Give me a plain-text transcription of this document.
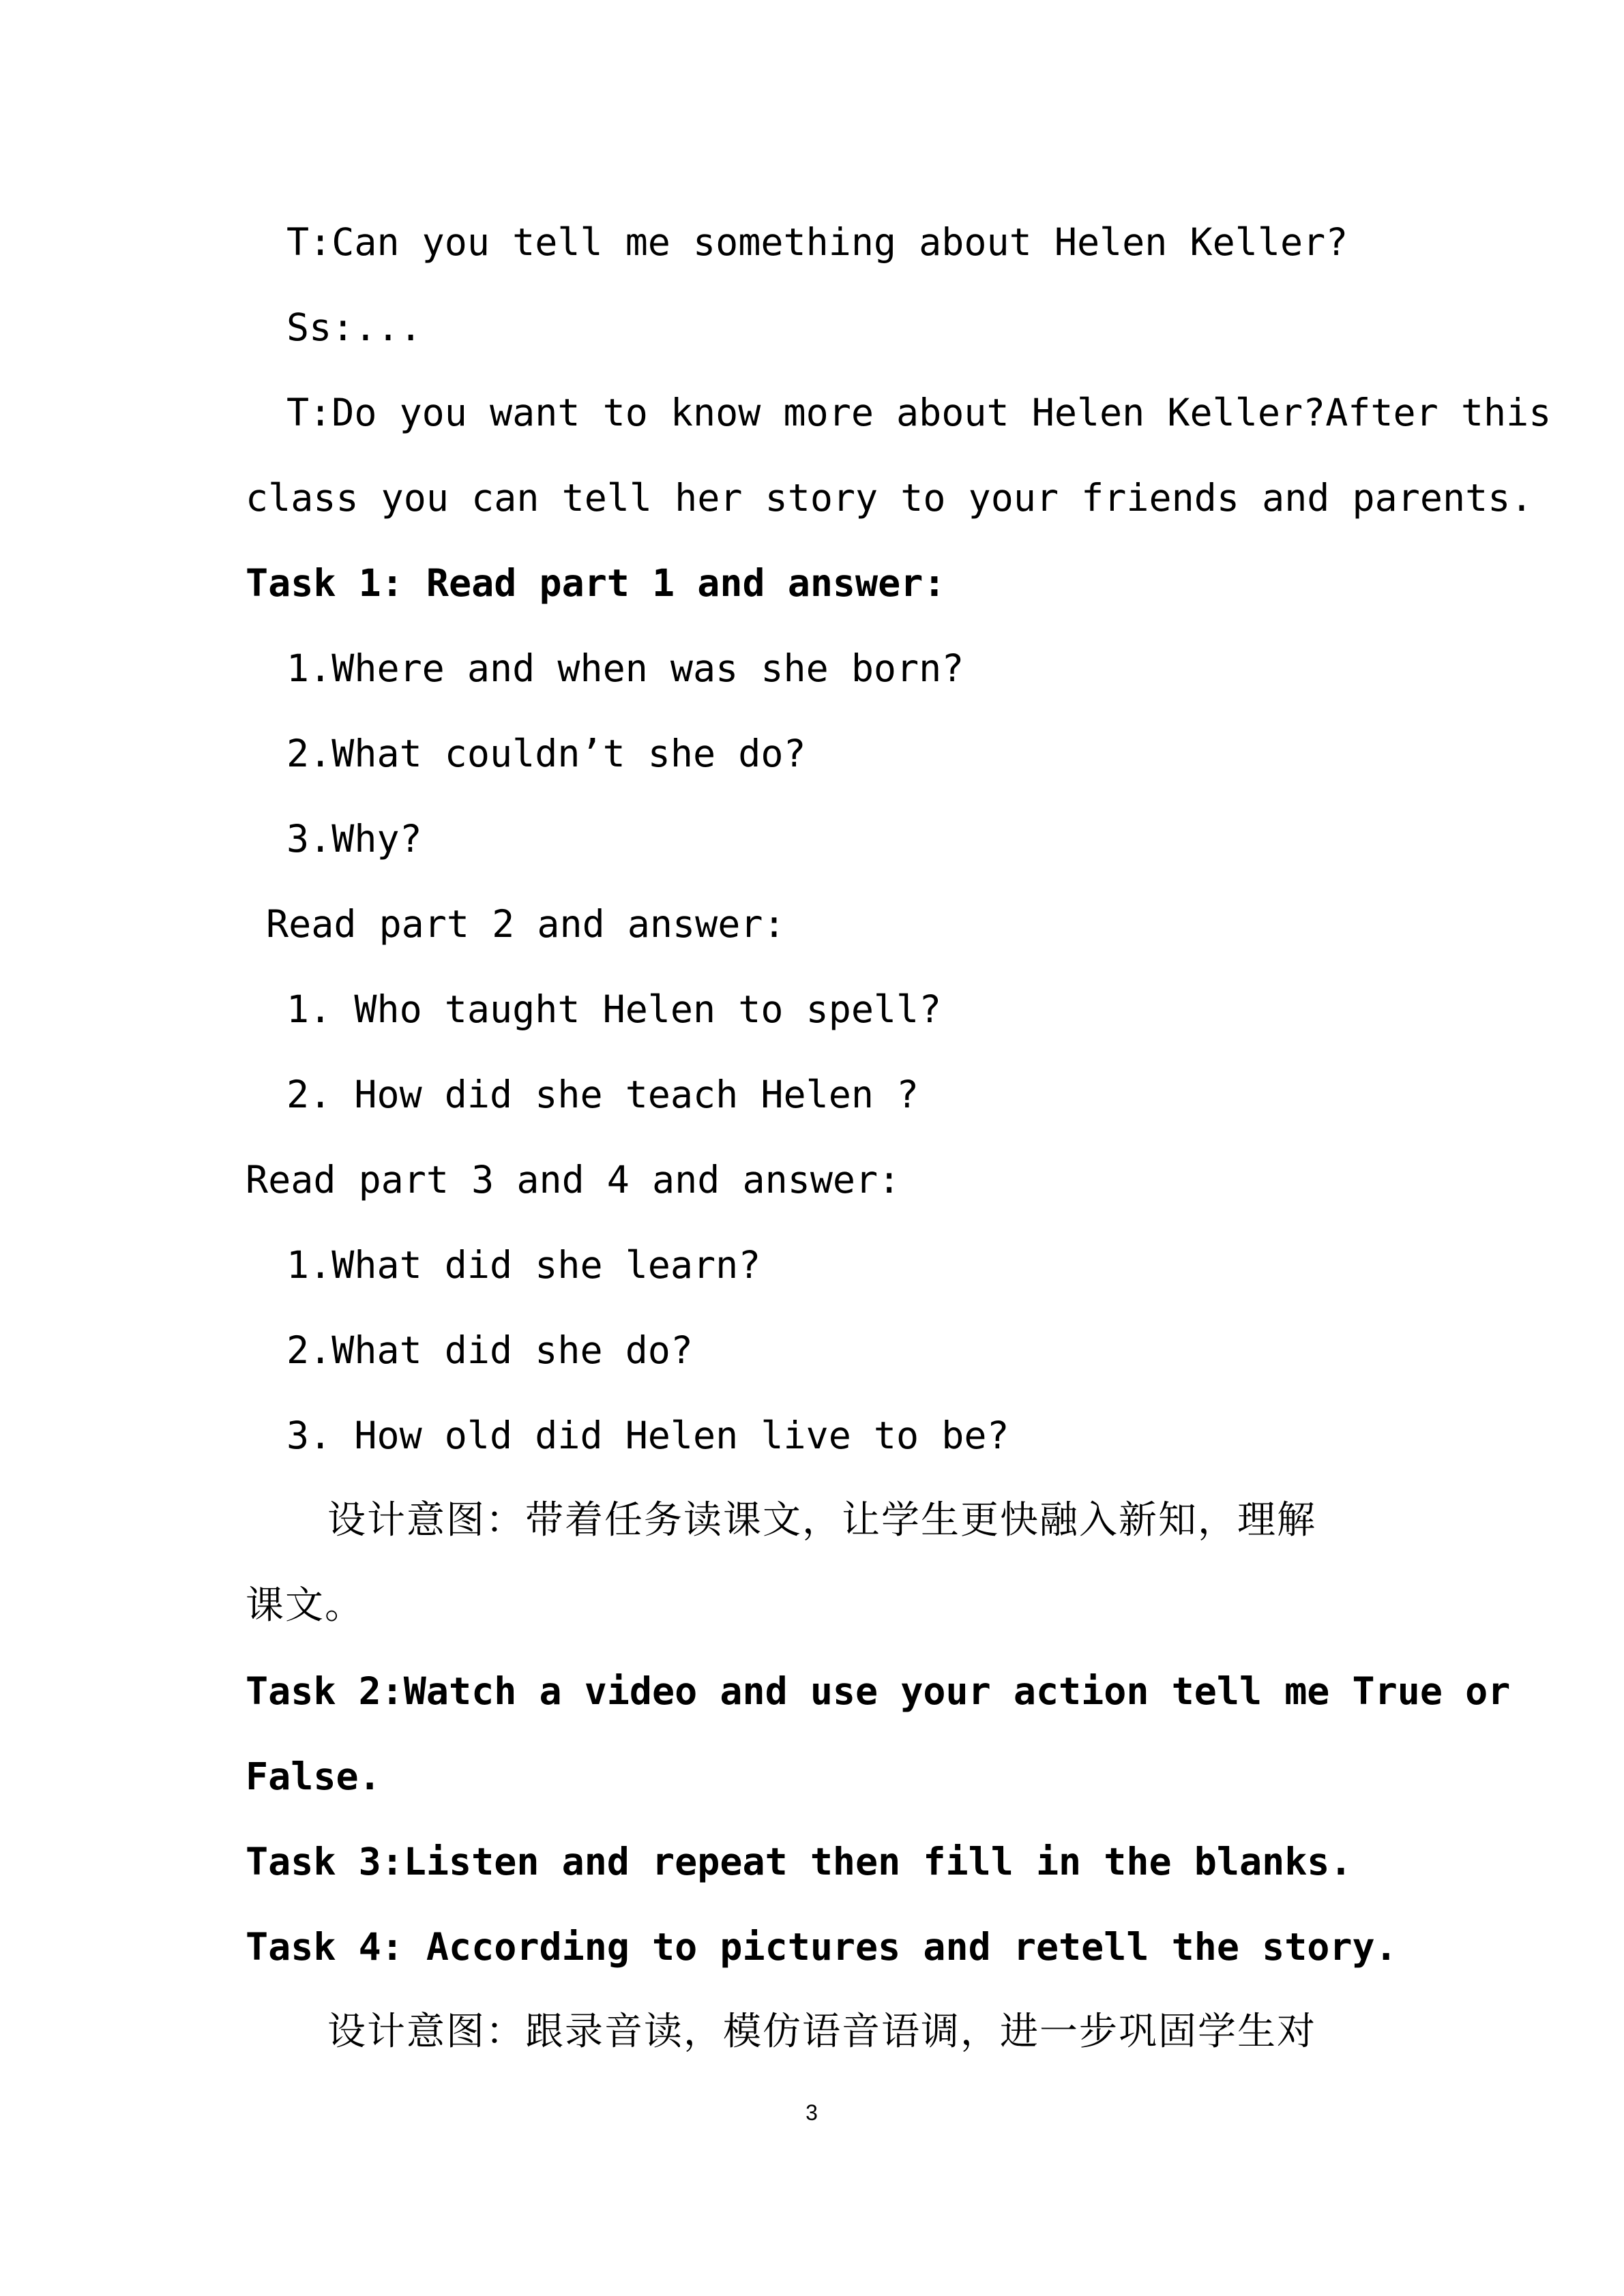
T:Can you tell me something about Helen Keller?
Ss:...
T:Do you want to know more about Helen Keller?After this
class you can tell her story to your friends and parents.
Task 1: Read part 1 and answer:
1.Where and when was she born?
2.What couldn’t she do?
3.Why?
Read part 2 and answer:
1. Who taught Helen to spell?
2. How did she teach Helen ?
Read part 3 and 4 and answer:
1.What did she learn?
2.What did she do?
3. How old did Helen live to be?
设计意图：带着任务读课文，让学生更快融入新知，理解
课文。
Task 2:Watch a video and use your action tell me True or
False.
Task 3:Listen and repeat then fill in the blanks.
Task 4: According to pictures and retell the story.
设计意图：跟录音读，模仿语音语调，进一步巩固学生对
3
